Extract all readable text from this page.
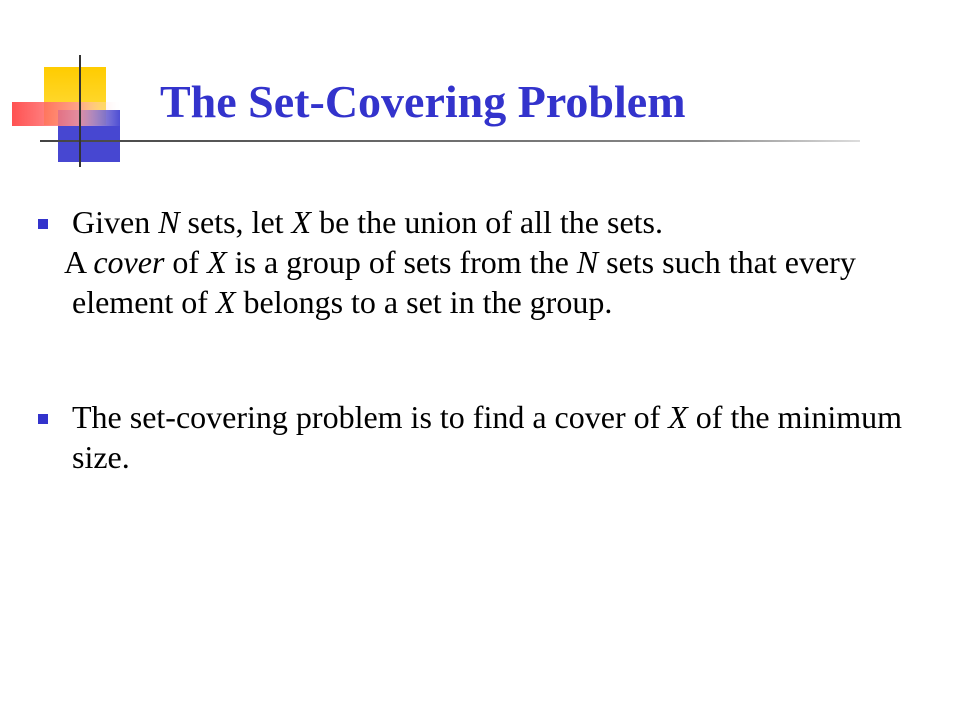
The Set-Covering Problem

Given N sets, let X be the union of all the sets.

A cover of X is a group of sets from the N sets such that every element of X belongs to a set in the group.

The set-covering problem is to find a cover of X of the minimum size.
